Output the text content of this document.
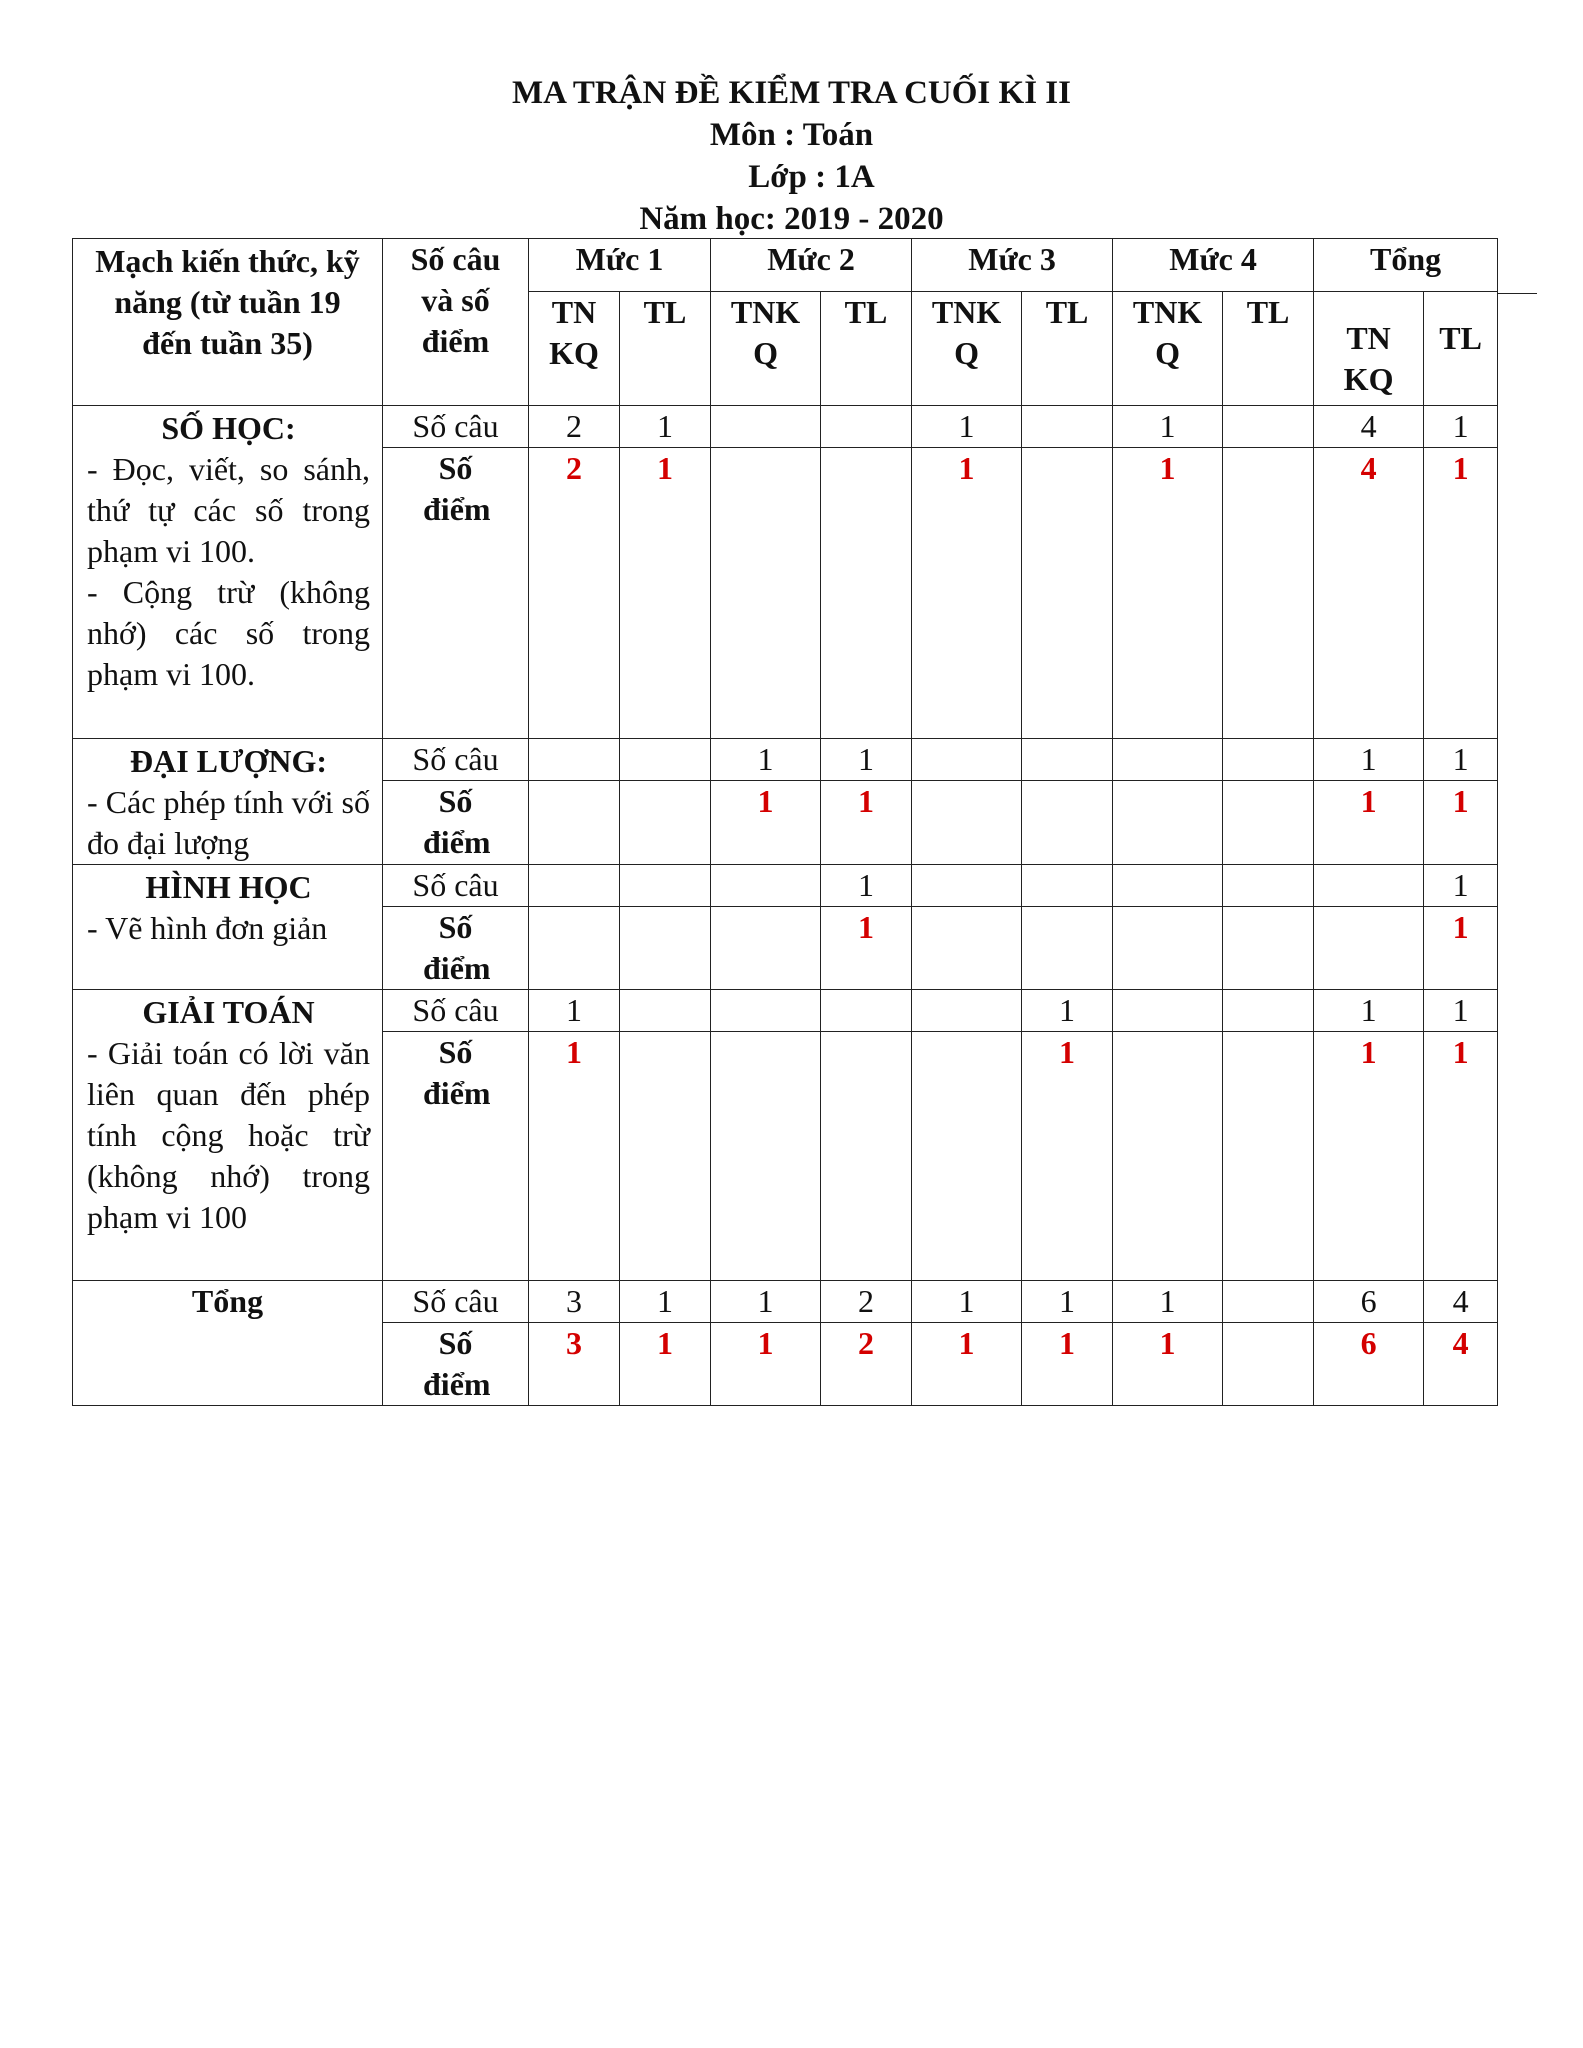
MA TRẬN ĐỀ KIỂM TRA CUỐI KÌ II
Môn : Toán
Lớp : 1A
Năm học: 2019 - 2020
Mạch kiến thức, kỹ năng (từ tuần 19 đến tuần 35)	Số câu và số điểm	Mức 1		Mức 2		Mức 3		Mức 4		Tổng	
		TN KQ	TL	TNK Q	TL	TNK Q	TL	TNK Q	TL	TN KQ	TL

SỐ HỌC:
- Đọc, viết, so sánh, thứ tự các số trong phạm vi 100.
- Cộng trừ (không nhớ) các số trong phạm vi 100.	Số câu	2	1			1		1		4	1
	Số điểm	2	1			1		1		4	1

ĐẠI LƯỢNG:
- Các phép tính với số đo đại lượng	Số câu			1	1					1	1
	Số điểm			1	1					1	1

HÌNH HỌC
- Vẽ hình đơn giản	Số câu				1						1
	Số điểm				1						1

GIẢI TOÁN
- Giải toán có lời văn liên quan đến phép tính cộng hoặc trừ (không nhớ) trong phạm vi 100	Số câu	1					1			1	1
	Số điểm	1					1			1	1
Tổng	Số câu	3	1	1	2	1	1	1		6	4
	Số điểm	3	1	1	2	1	1	1		6	4
